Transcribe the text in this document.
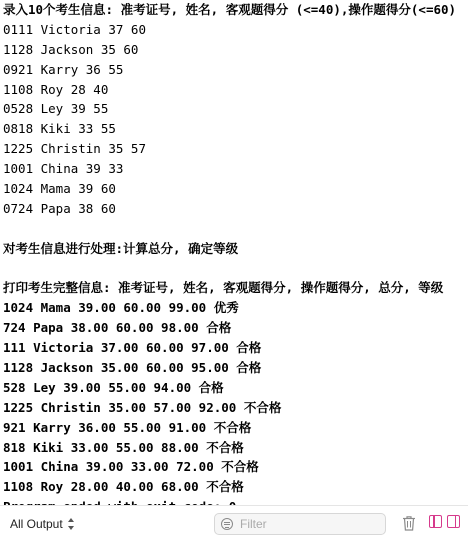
录入10个考生信息: 准考证号, 姓名, 客观题得分 (<=40),操作题得分(<=60)
0111 Victoria 37 60
1128 Jackson 35 60
0921 Karry 36 55
1108 Roy 28 40
0528 Ley 39 55
0818 Kiki 33 55
1225 Christin 35 57
1001 China 39 33
1024 Mama 39 60
0724 Papa 38 60
对考生信息进行处理:计算总分, 确定等级
打印考生完整信息: 准考证号, 姓名, 客观题得分, 操作题得分, 总分, 等级
1024 Mama 39.00 60.00 99.00 优秀
724 Papa 38.00 60.00 98.00 合格
111 Victoria 37.00 60.00 97.00 合格
1128 Jackson 35.00 60.00 95.00 合格
528 Ley 39.00 55.00 94.00 合格
1225 Christin 35.00 57.00 92.00 不合格
921 Karry 36.00 55.00 91.00 不合格
818 Kiki 33.00 55.00 88.00 不合格
1001 China 39.00 33.00 72.00 不合格
1108 Roy 28.00 40.00 68.00 不合格
All Output
Filter
